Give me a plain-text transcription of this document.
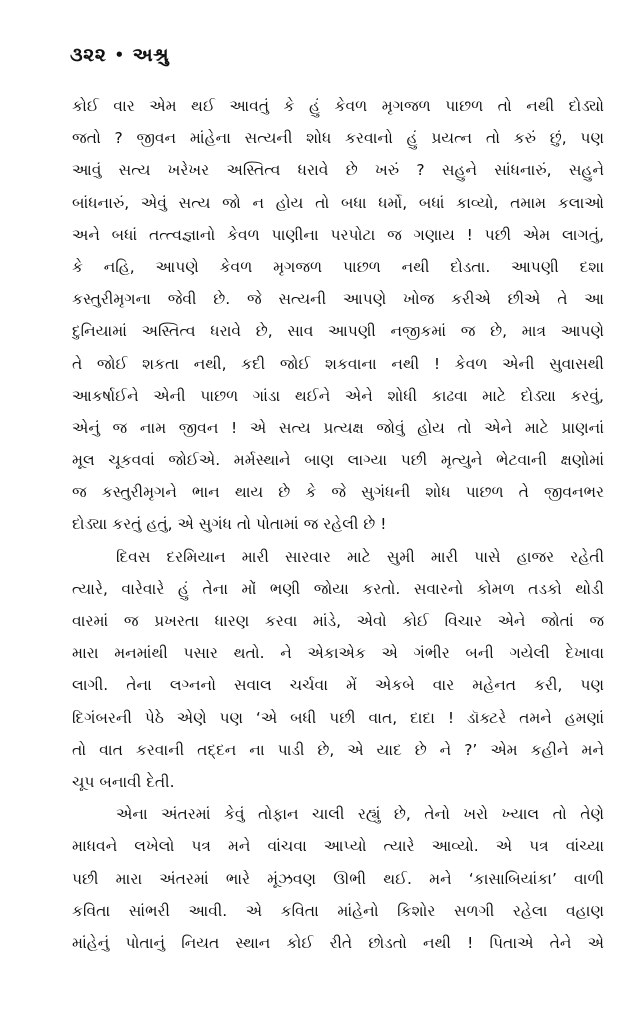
૩૨૨ • અશ્રુ
કોઈ વાર એમ થઈ આવતું કે હું કેવળ મૃગજળ પાછળ તો નથી દોડ્યો
જતો ? જીવન માંહેના સત્યની શોધ કરવાનો હું પ્રયત્ન તો કરું છું, પણ
આવું સત્ય ખરેખર અસ્તિત્વ ધરાવે છે ખરું ? સહુને સાંધનારું, સહુને
બાંધનારું, એવું સત્ય જો ન હોય તો બધા ધર્મો, બધાં કાવ્યો, તમામ કલાઓ
અને બધાં તત્ત્વજ્ઞાનો કેવળ પાણીના પરપોટા જ ગણાય ! પછી એમ લાગતું,
કે નહિ, આપણે કેવળ મૃગજળ પાછળ નથી દોડતા. આપણી દશા
કસ્તુરીમૃગના જેવી છે. જે સત્યની આપણે ખોજ કરીએ છીએ તે આ
દુનિયામાં અસ્તિત્વ ધરાવે છે, સાવ આપણી નજીકમાં જ છે, માત્ર આપણે
તે જોઈ શકતા નથી, કદી જોઈ શકવાના નથી ! કેવળ એની સુવાસથી
આકર્ષાઈને એની પાછળ ગાંડા થઈને એને શોધી કાઢવા માટે દોડ્યા કરવું,
એનું જ નામ જીવન ! એ સત્ય પ્રત્યક્ષ જોવું હોય તો એને માટે પ્રાણનાં
મૂલ ચૂકવવાં જોઈએ. મર્મસ્થાને બાણ લાગ્યા પછી મૃત્યુને ભેટવાની ક્ષણોમાં
જ કસ્તુરીમૃગને ભાન થાય છે કે જે સુગંધની શોધ પાછળ તે જીવનભર
દોડ્યા કરતું હતું, એ સુગંધ તો પોતામાં જ રહેલી છે !
દિવસ દરમિયાન મારી સારવાર માટે સુમી મારી પાસે હાજર રહેતી
ત્યારે, વારેવારે હું તેના મોં ભણી જોયા કરતો. સવારનો કોમળ તડકો થોડી
વારમાં જ પ્રખરતા ધારણ કરવા માંડે, એવો કોઈ વિચાર એને જોતાં જ
મારા મનમાંથી પસાર થતો. ને એકાએક એ ગંભીર બની ગયેલી દેખાવા
લાગી. તેના લગ્નનો સવાલ ચર્ચવા મેં એકબે વાર મહેનત કરી, પણ
દિગંબરની પેઠે એણે પણ ‘એ બધી પછી વાત, દાદા ! ડૉક્ટરે તમને હમણાં
તો વાત કરવાની તદ્દન ના પાડી છે, એ યાદ છે ને ?’ એમ કહીને મને
ચૂપ બનાવી દેતી.
એના અંતરમાં કેવું તોફાન ચાલી રહ્યું છે, તેનો ખરો ખ્યાલ તો તેણે
માધવને લખેલો પત્ર મને વાંચવા આપ્યો ત્યારે આવ્યો. એ પત્ર વાંચ્યા
પછી મારા અંતરમાં ભારે મૂંઝવણ ઊભી થઈ. મને ‘કાસાબિયાંકા’ વાળી
કવિતા સાંભરી આવી. એ કવિતા માંહેનો કિશોર સળગી રહેલા વહાણ
માંહેનું પોતાનું નિયત સ્થાન કોઈ રીતે છોડતો નથી ! પિતાએ તેને એ
